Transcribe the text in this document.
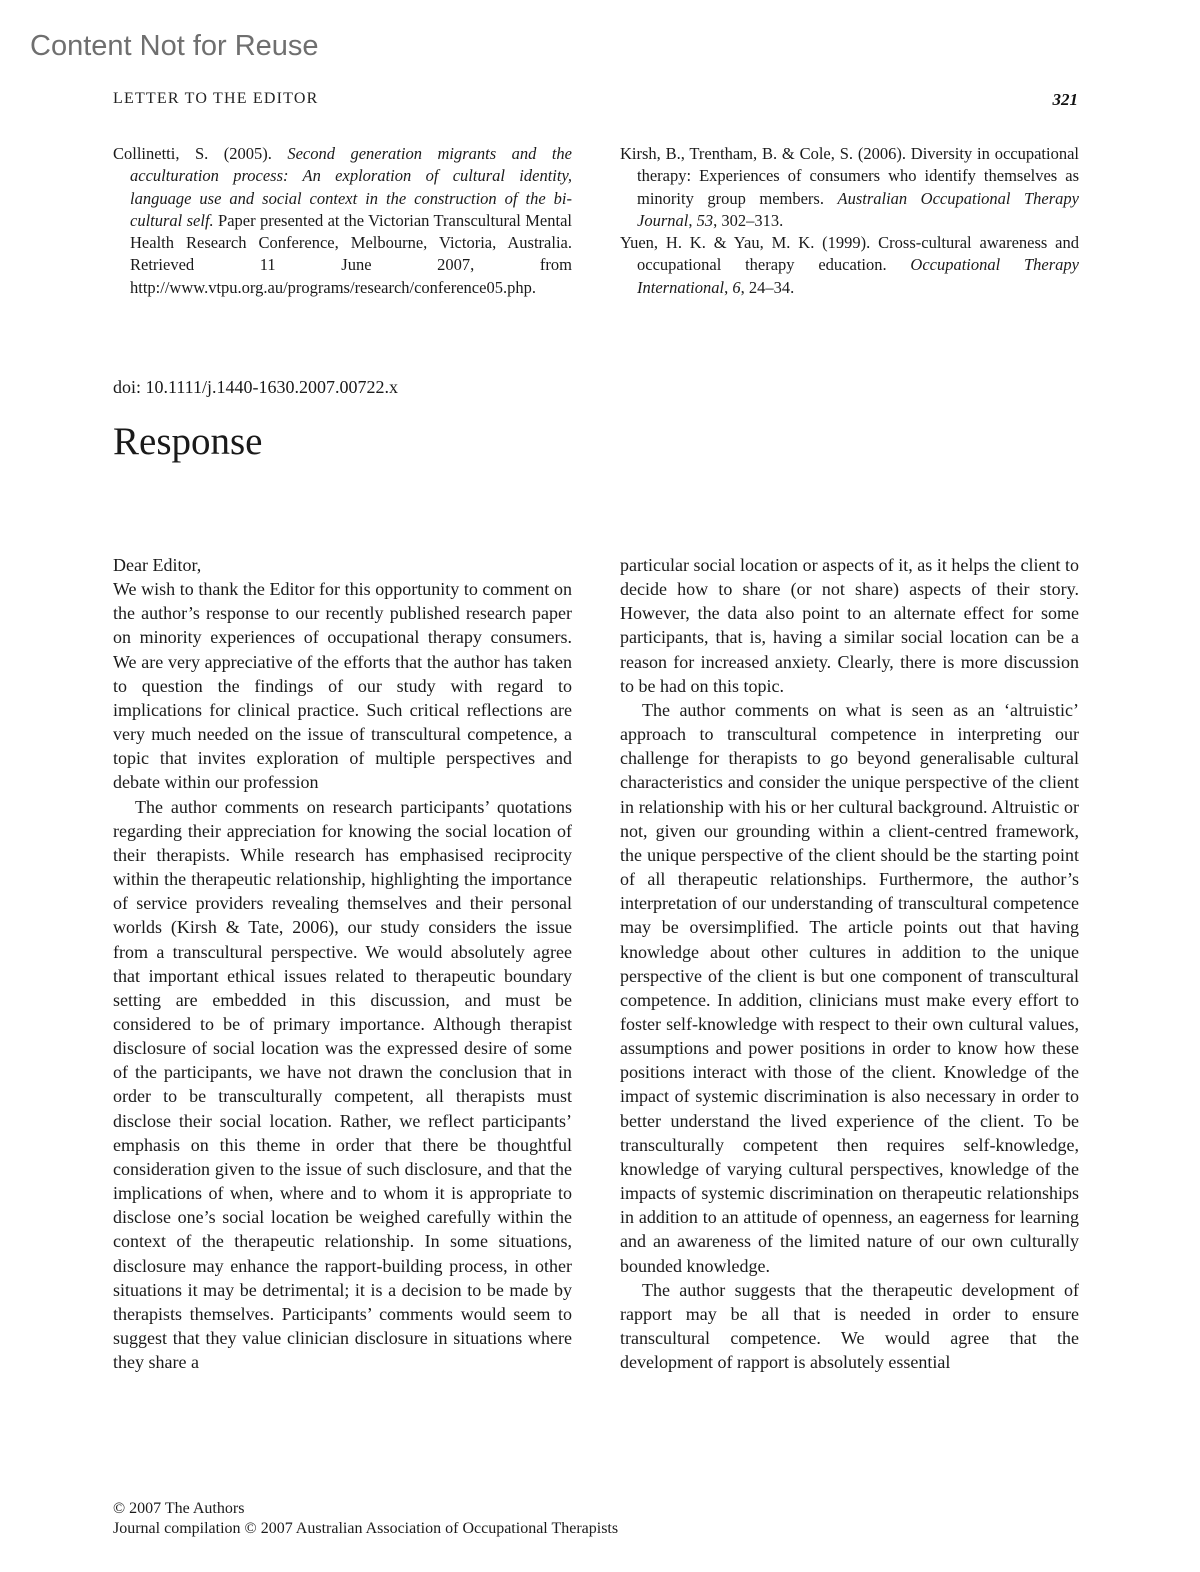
Content Not for Reuse
LETTER TO THE EDITOR	321

Collinetti, S. (2005). Second generation migrants and the acculturation process: An exploration of cultural identity, language use and social context in the construction of the bi-cultural self. Paper presented at the Victorian Transcultural Mental Health Research Conference, Melbourne, Victoria, Australia. Retrieved 11 June 2007, from http://www.vtpu.org.au/programs/research/conference05.php.

Kirsh, B., Trentham, B. & Cole, S. (2006). Diversity in occupational therapy: Experiences of consumers who identify themselves as minority group members. Australian Occupational Therapy Journal, 53, 302–313.

Yuen, H. K. & Yau, M. K. (1999). Cross-cultural awareness and occupational therapy education. Occupational Therapy International, 6, 24–34.

doi: 10.1111/j.1440-1630.2007.00722.x
Response

Dear Editor,

We wish to thank the Editor for this opportunity to comment on the author’s response to our recently published research paper on minority experiences of occupational therapy consumers. We are very appreciative of the efforts that the author has taken to question the findings of our study with regard to implications for clinical practice. Such critical reflections are very much needed on the issue of transcultural competence, a topic that invites exploration of multiple perspectives and debate within our profession

The author comments on research participants’ quotations regarding their appreciation for knowing the social location of their therapists. While research has emphasised reciprocity within the therapeutic relationship, highlighting the importance of service providers revealing themselves and their personal worlds (Kirsh & Tate, 2006), our study considers the issue from a transcultural perspective. We would absolutely agree that important ethical issues related to therapeutic boundary setting are embedded in this discussion, and must be considered to be of primary importance. Although therapist disclosure of social location was the expressed desire of some of the participants, we have not drawn the conclusion that in order to be transculturally competent, all therapists must disclose their social location. Rather, we reflect participants’ emphasis on this theme in order that there be thoughtful consideration given to the issue of such disclosure, and that the implications of when, where and to whom it is appropriate to disclose one’s social location be weighed carefully within the context of the therapeutic relationship. In some situations, disclosure may enhance the rapport-building process, in other situations it may be detrimental; it is a decision to be made by therapists themselves. Participants’ comments would seem to suggest that they value clinician disclosure in situations where they share a

particular social location or aspects of it, as it helps the client to decide how to share (or not share) aspects of their story. However, the data also point to an alternate effect for some participants, that is, having a similar social location can be a reason for increased anxiety. Clearly, there is more discussion to be had on this topic.

The author comments on what is seen as an ‘altruistic’ approach to transcultural competence in interpreting our challenge for therapists to go beyond generalisable cultural characteristics and consider the unique perspective of the client in relationship with his or her cultural background. Altruistic or not, given our grounding within a client-centred framework, the unique perspective of the client should be the starting point of all therapeutic relationships. Furthermore, the author’s interpretation of our understanding of transcultural competence may be oversimplified. The article points out that having knowledge about other cultures in addition to the unique perspective of the client is but one component of transcultural competence. In addition, clinicians must make every effort to foster self-knowledge with respect to their own cultural values, assumptions and power positions in order to know how these positions interact with those of the client. Knowledge of the impact of systemic discrimination is also necessary in order to better understand the lived experience of the client. To be transculturally competent then requires self-knowledge, knowledge of varying cultural perspectives, knowledge of the impacts of systemic discrimination on therapeutic relationships in addition to an attitude of openness, an eagerness for learning and an awareness of the limited nature of our own culturally bounded knowledge.

The author suggests that the therapeutic development of rapport may be all that is needed in order to ensure transcultural competence. We would agree that the development of rapport is absolutely essential

© 2007 The Authors
Journal compilation © 2007 Australian Association of Occupational Therapists
